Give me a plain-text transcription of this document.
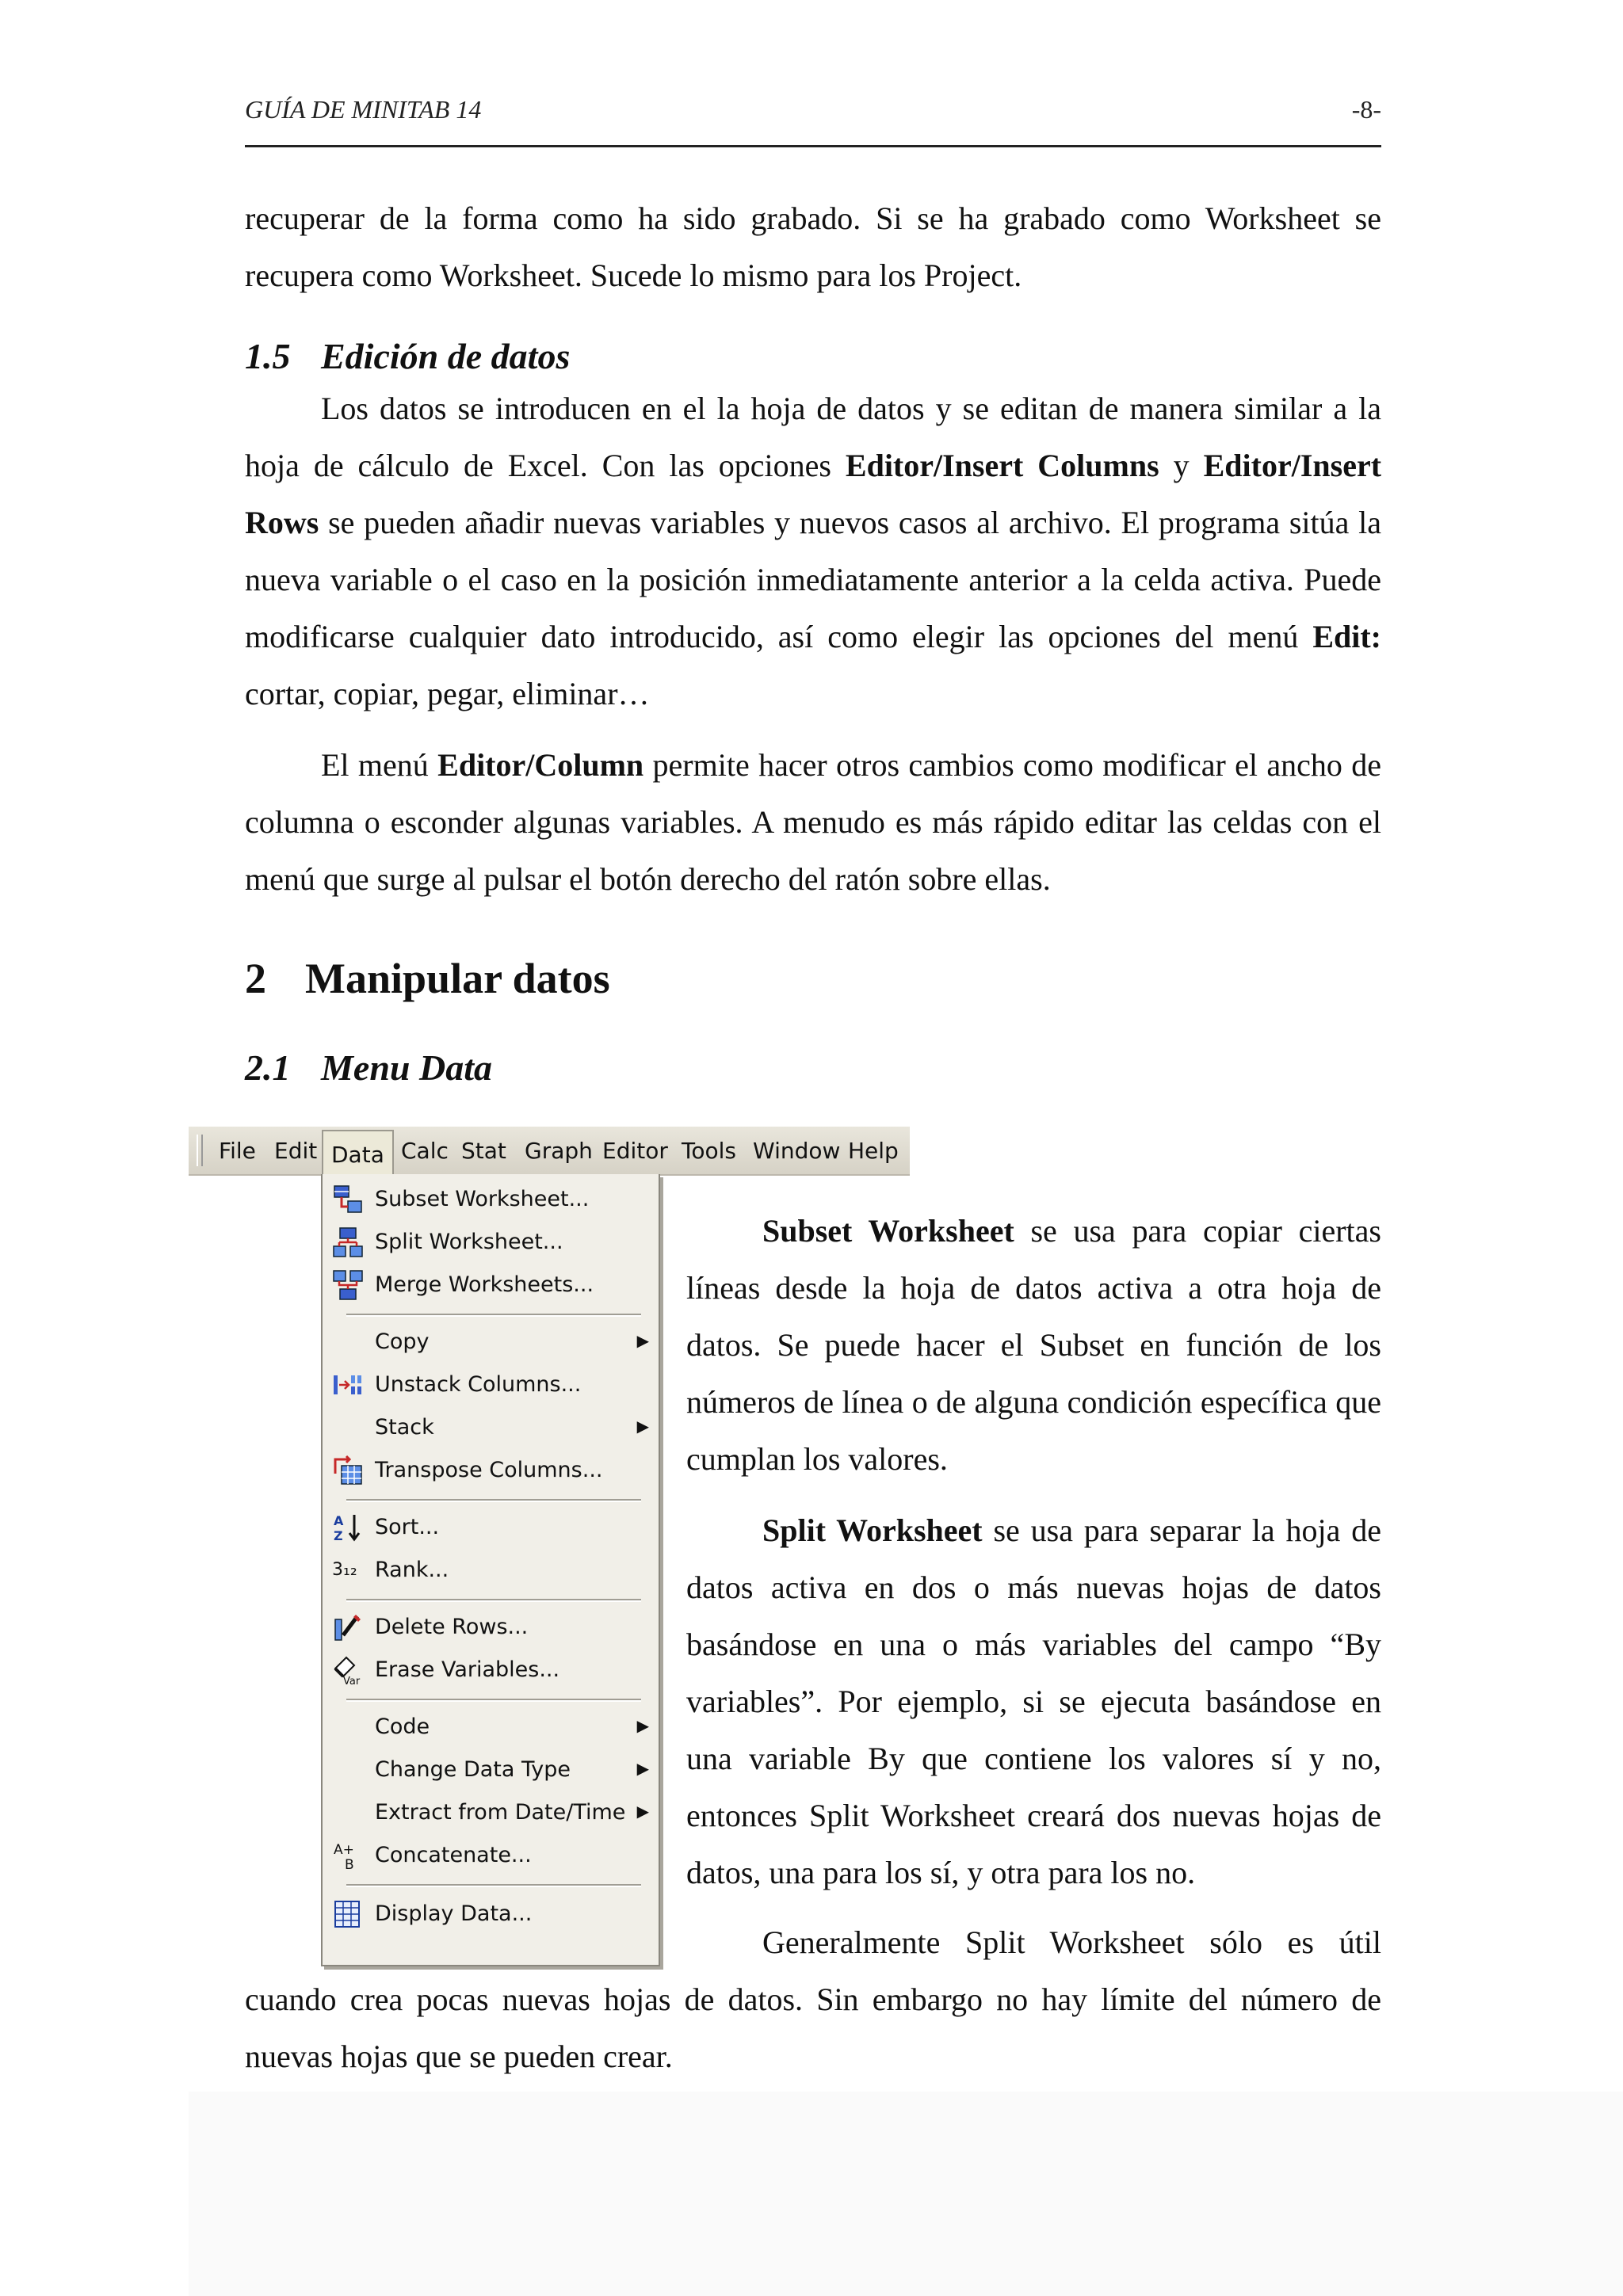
GUÍA DE MINITAB 14	-8-

recuperar de la forma como ha sido grabado. Si se ha grabado como Worksheet se recupera como Worksheet. Sucede lo mismo para los Project.

1.5 Edición de datos

Los datos se introducen en el la hoja de datos y se editan de manera similar a la hoja de cálculo de Excel. Con las opciones Editor/Insert Columns y Editor/Insert Rows se pueden añadir nuevas variables y nuevos casos al archivo. El programa sitúa la nueva variable o el caso en la posición inmediatamente anterior a la celda activa. Puede modificarse cualquier dato introducido, así como elegir las opciones del menú Edit: cortar, copiar, pegar, eliminar…

El menú Editor/Column permite hacer otros cambios como modificar el ancho de columna o esconder algunas variables. A menudo es más rápido editar las celdas con el menú que surge al pulsar el botón derecho del ratón sobre ellas.

2 Manipular datos
2.1 Menu Data
File Edit Data Calc Stat Graph Editor Tools Window Help
Subset Worksheet...
Split Worksheet...
Merge Worksheets...
Copy	▶
Unstack Columns...
Stack	▶
Transpose Columns...
A
Z Sort...
3₁₂ Rank...
Delete Rows...
Var Erase Variables...
Code	▶
Change Data Type	▶
Extract from Date/Time ▶
A+
B Concatenate...
Display Data...

Subset Worksheet se usa para copiar ciertas líneas desde la hoja de datos activa a otra hoja de datos. Se puede hacer el Subset en función de los números de línea o de alguna condición específica que cumplan los valores.

Split Worksheet se usa para separar la hoja de datos activa en dos o más nuevas hojas de datos basándose en una o más variables del campo “By variables”. Por ejemplo, si se ejecuta basándose en una variable By que contiene los valores sí y no, entonces Split Worksheet creará dos nuevas hojas de datos, una para los sí, y otra para los no.

Generalmente Split Worksheet sólo es útil

cuando crea pocas nuevas hojas de datos. Sin embargo no hay límite del número de nuevas hojas que se pueden crear.
